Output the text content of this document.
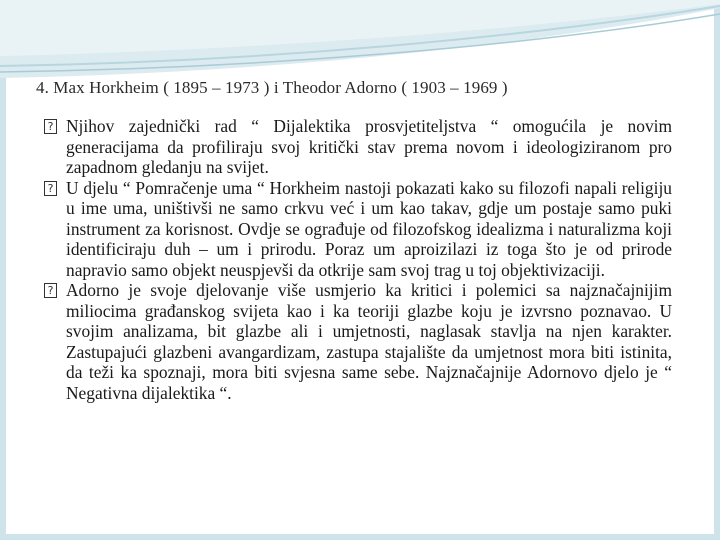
4. Max Horkheim ( 1895 – 1973 ) i Theodor Adorno ( 1903 – 1969 )
? Njihov zajednički rad “ Dijalektika prosvjetiteljstva “ omogućila je novim generacijama da profiliraju svoj kritički stav prema novom i ideologiziranom pro zapadnom gledanju na svijet.
? U djelu “ Pomračenje uma “ Horkheim nastoji pokazati kako su filozofi napali religiju u ime uma, uništivši ne samo crkvu već i um kao takav, gdje um postaje samo puki instrument za korisnost. Ovdje se ograđuje od filozofskog idealizma i naturalizma koji identificiraju duh – um i prirodu. Poraz um aproizilazi iz toga što je od prirode napravio samo objekt neuspjevši da otkrije sam svoj trag u toj objektivizaciji.
? Adorno je svoje djelovanje više usmjerio ka kritici i polemici sa najznačajnijim miliocima građanskog svijeta kao i ka teoriji glazbe koju je izvrsno poznavao. U svojim analizama, bit glazbe ali i umjetnosti, naglasak stavlja na njen karakter. Zastupajući glazbeni avangardizam, zastupa stajalište da umjetnost mora biti istinita, da teži ka spoznaji, mora biti svjesna same sebe. Najznačajnije Adornovo djelo je “ Negativna dijalektika “.
